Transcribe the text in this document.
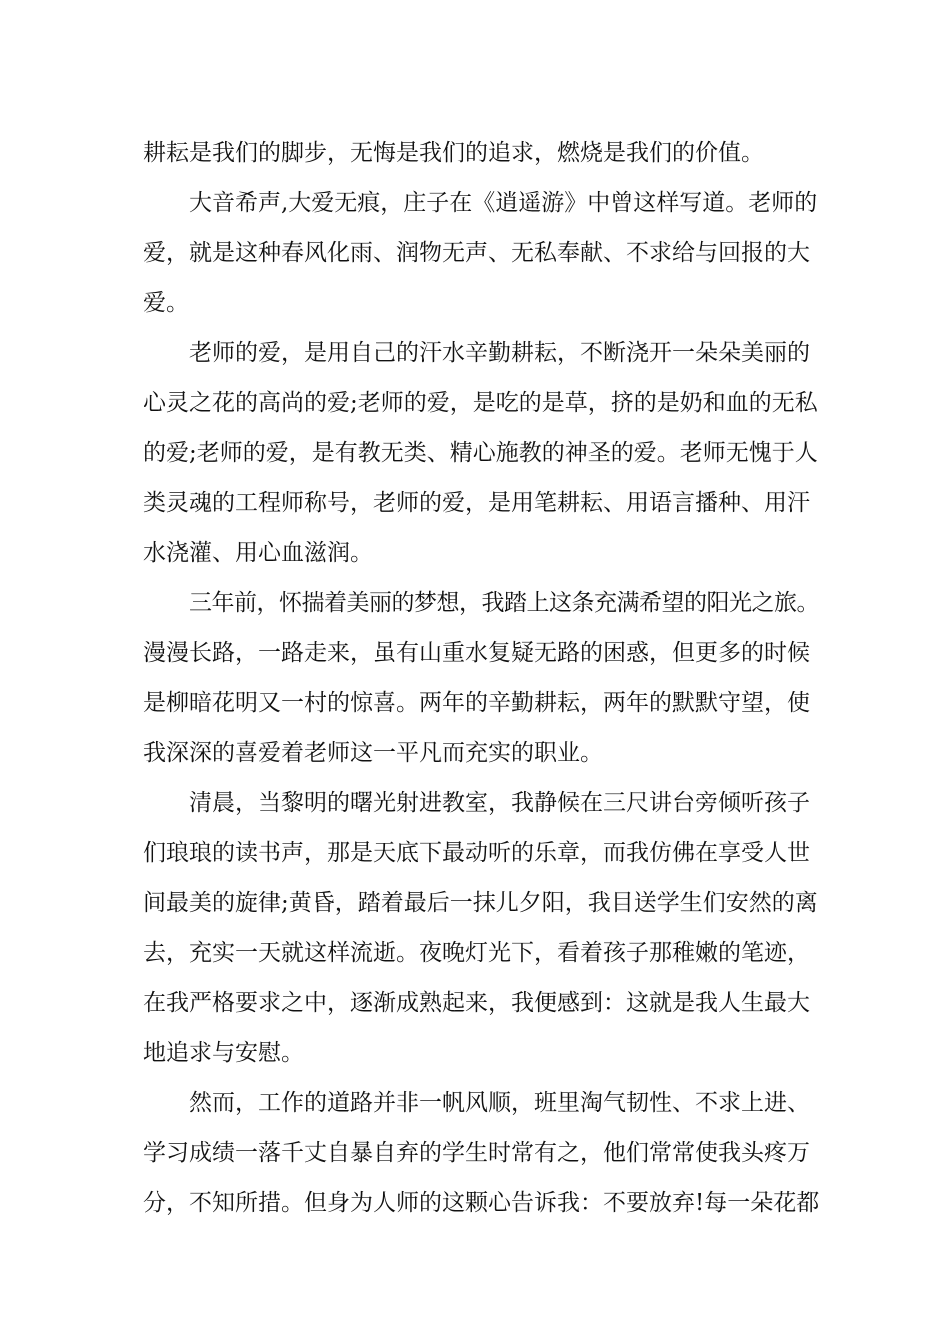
耕耘是我们的脚步，无悔是我们的追求，燃烧是我们的价值。
大音希声,大爱无痕，庄子在《逍遥游》中曾这样写道。老师的
爱，就是这种春风化雨、润物无声、无私奉献、不求给与回报的大
爱。
老师的爱，是用自己的汗水辛勤耕耘，不断浇开一朵朵美丽的
心灵之花的高尚的爱;老师的爱，是吃的是草，挤的是奶和血的无私
的爱;老师的爱，是有教无类、精心施教的神圣的爱。老师无愧于人
类灵魂的工程师称号，老师的爱，是用笔耕耘、用语言播种、用汗
水浇灌、用心血滋润。
三年前，怀揣着美丽的梦想，我踏上这条充满希望的阳光之旅。
漫漫长路，一路走来，虽有山重水复疑无路的困惑，但更多的时候
是柳暗花明又一村的惊喜。两年的辛勤耕耘，两年的默默守望，使
我深深的喜爱着老师这一平凡而充实的职业。
清晨，当黎明的曙光射进教室，我静候在三尺讲台旁倾听孩子
们琅琅的读书声，那是天底下最动听的乐章，而我仿佛在享受人世
间最美的旋律;黄昏，踏着最后一抹儿夕阳，我目送学生们安然的离
去，充实一天就这样流逝。夜晚灯光下，看着孩子那稚嫩的笔迹，
在我严格要求之中，逐渐成熟起来，我便感到：这就是我人生最大
地追求与安慰。
然而，工作的道路并非一帆风顺，班里淘气韧性、不求上进、
学习成绩一落千丈自暴自弃的学生时常有之，他们常常使我头疼万
分，不知所措。但身为人师的这颗心告诉我：不要放弃!每一朵花都
